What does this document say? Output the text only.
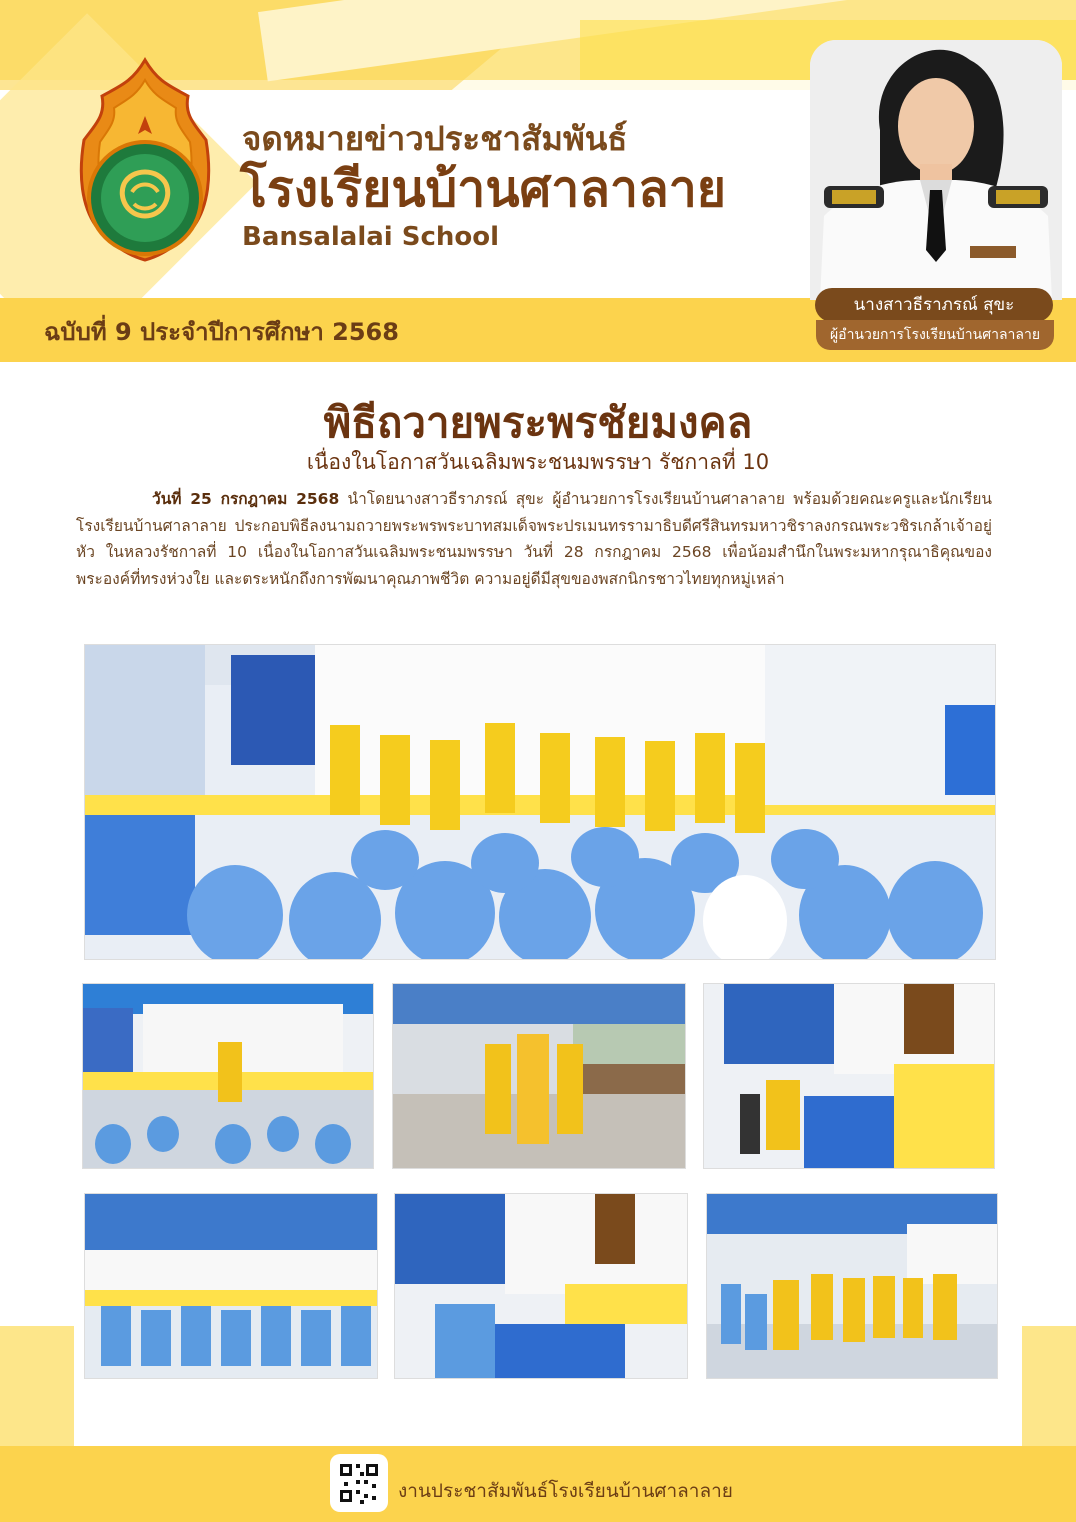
จดหมายข่าวประชาสัมพันธ์
โรงเรียนบ้านศาลาลาย
Bansalalai School
ฉบับที่ 9 ประจำปีการศึกษา 2568
นางสาวธีราภรณ์ สุขะ
ผู้อำนวยการโรงเรียนบ้านศาลาลาย
พิธีถวายพระพรชัยมงคล
เนื่องในโอกาสวันเฉลิมพระชนมพรรษา รัชกาลที่ 10
วันที่ 25 กรกฎาคม 2568 นำโดยนางสาวธีราภรณ์ สุขะ ผู้อำนวยการโรงเรียนบ้านศาลาลาย พร้อมด้วยคณะครูและนักเรียนโรงเรียนบ้านศาลาลาย ประกอบพิธีลงนามถวายพระพรพระบาทสมเด็จพระปรเมนทรรามาธิบดีศรีสินทรมหาวชิราลงกรณพระวชิรเกล้าเจ้าอยู่หัว ในหลวงรัชกาลที่ 10 เนื่องในโอกาสวันเฉลิมพระชนมพรรษา วันที่ 28 กรกฎาคม 2568 เพื่อน้อมสำนึกในพระมหากรุณาธิคุณของพระองค์ที่ทรงห่วงใย และตระหนักถึงการพัฒนาคุณภาพชีวิต ความอยู่ดีมีสุขของพสกนิกรชาวไทยทุกหมู่เหล่า
งานประชาสัมพันธ์โรงเรียนบ้านศาลาลาย
